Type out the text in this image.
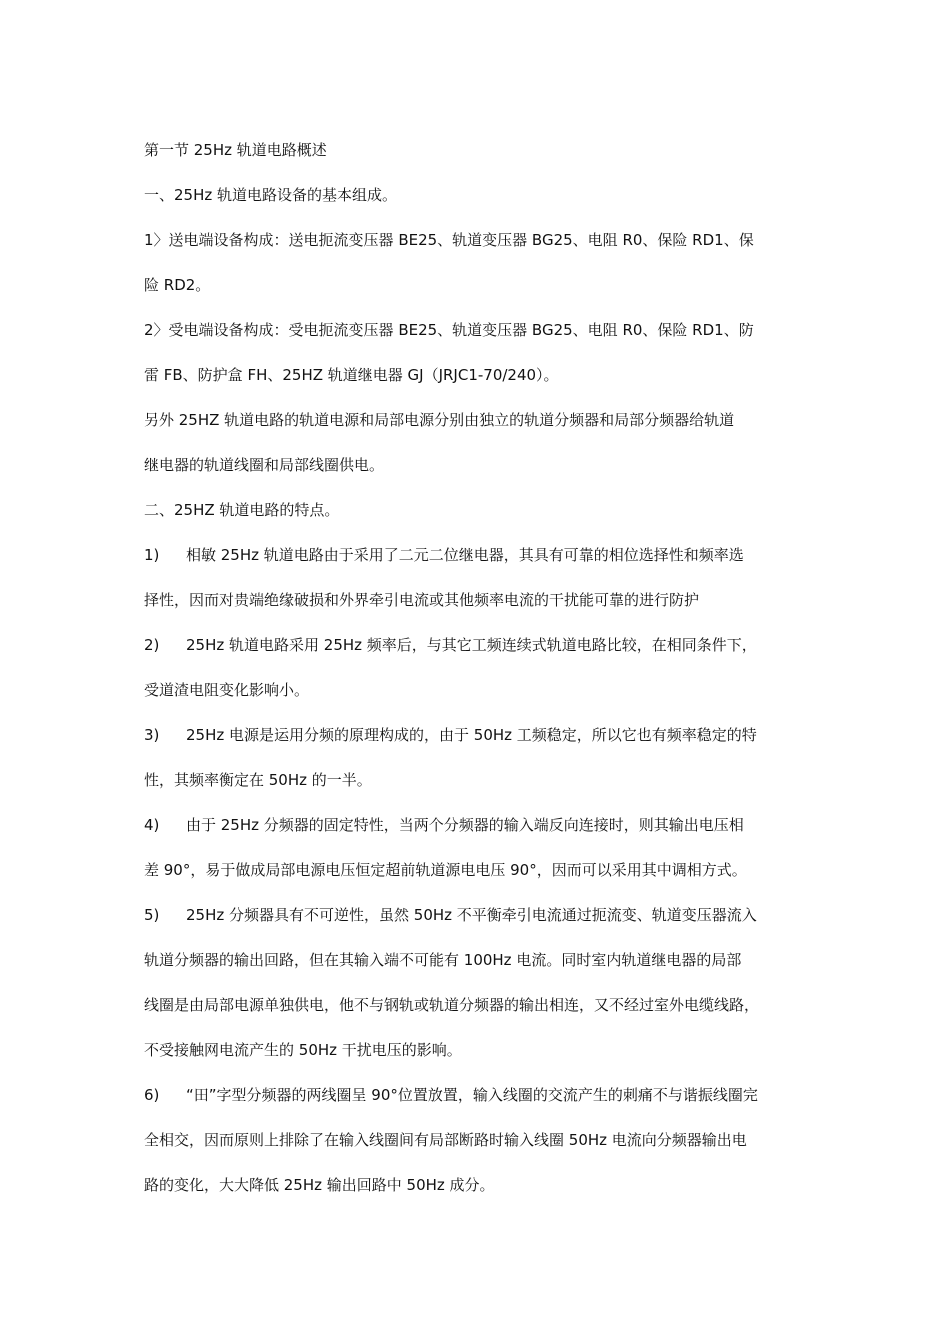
第一节 25Hz 轨道电路概述
一、25Hz 轨道电路设备的基本组成。
1〉送电端设备构成：送电扼流变压器 BE25、轨道变压器 BG25、电阻 R0、保险 RD1、保
险 RD2。
2〉受电端设备构成：受电扼流变压器 BE25、轨道变压器 BG25、电阻 R0、保险 RD1、防
雷 FB、防护盒 FH、25HZ 轨道继电器 GJ（JRJC1-70/240）。
另外 25HZ 轨道电路的轨道电源和局部电源分别由独立的轨道分频器和局部分频器给轨道
继电器的轨道线圈和局部线圈供电。
二、25HZ 轨道电路的特点。
1) 相敏 25Hz 轨道电路由于采用了二元二位继电器，其具有可靠的相位选择性和频率选
择性，因而对贵端绝缘破损和外界牵引电流或其他频率电流的干扰能可靠的进行防护
2) 25Hz 轨道电路采用 25Hz 频率后，与其它工频连续式轨道电路比较，在相同条件下，
受道渣电阻变化影响小。
3) 25Hz 电源是运用分频的原理构成的，由于 50Hz 工频稳定，所以它也有频率稳定的特
性，其频率衡定在 50Hz 的一半。
4) 由于 25Hz 分频器的固定特性，当两个分频器的输入端反向连接时，则其输出电压相
差 90°，易于做成局部电源电压恒定超前轨道源电电压 90°，因而可以采用其中调相方式。
5) 25Hz 分频器具有不可逆性，虽然 50Hz 不平衡牵引电流通过扼流变、轨道变压器流入
轨道分频器的输出回路，但在其输入端不可能有 100Hz 电流。同时室内轨道继电器的局部
线圈是由局部电源单独供电，他不与钢轨或轨道分频器的输出相连，又不经过室外电缆线路，
不受接触网电流产生的 50Hz 干扰电压的影响。
6) “田”字型分频器的两线圈呈 90°位置放置，输入线圈的交流产生的刺痛不与谐振线圈完
全相交，因而原则上排除了在输入线圈间有局部断路时输入线圈 50Hz 电流向分频器输出电
路的变化，大大降低 25Hz 输出回路中 50Hz 成分。
